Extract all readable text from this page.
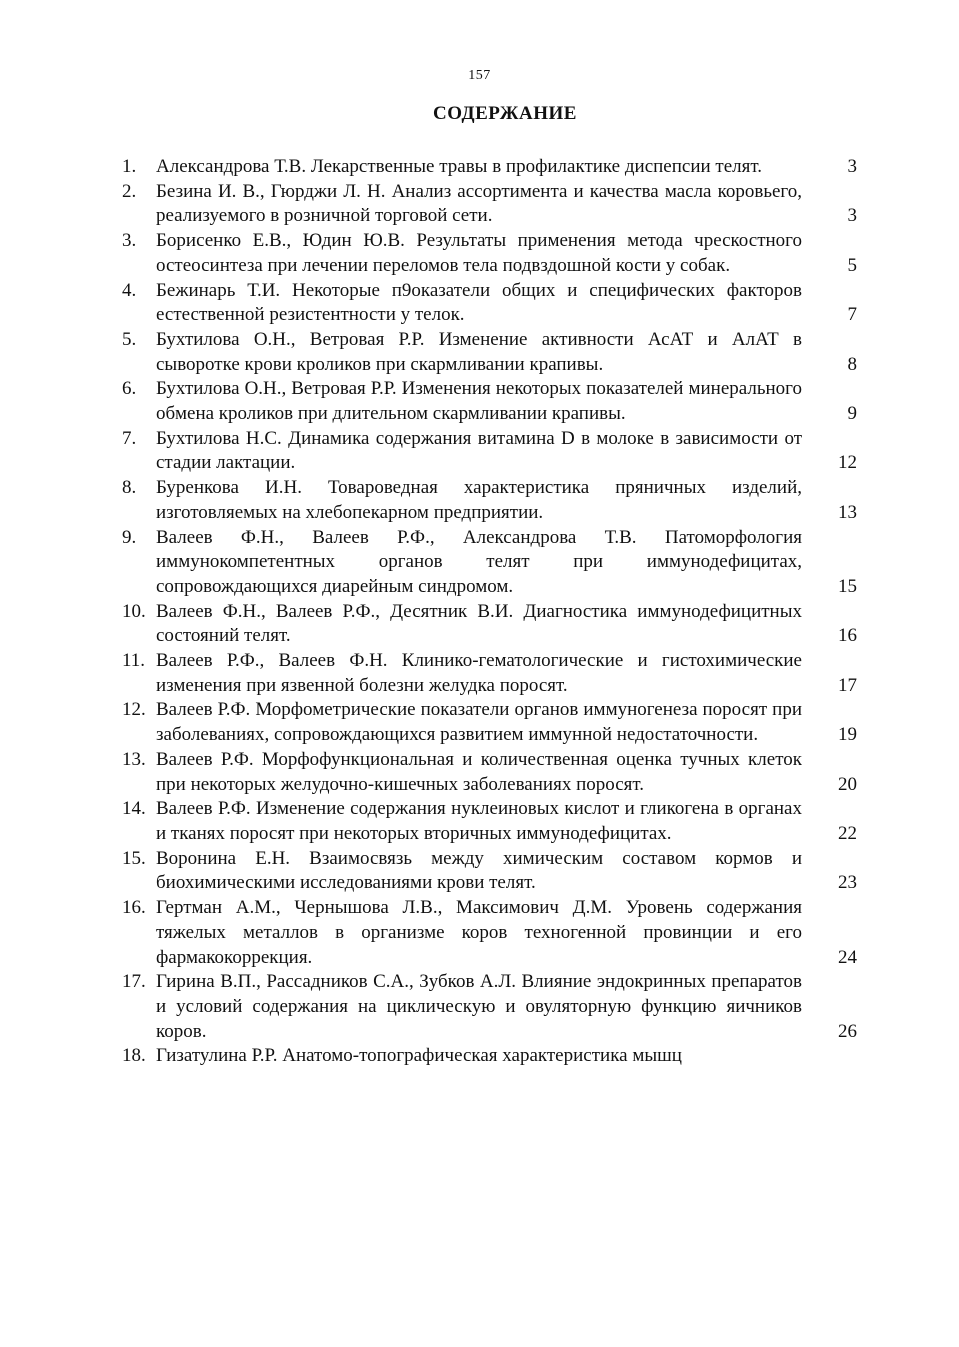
157
СОДЕРЖАНИЕ
1.	Александрова Т.В. Лекарственные травы в профилактике диспепсии телят.	3
2.	Безина И. В., Гюрджи Л. Н. Анализ ассортимента и качества масла коровьего, реализуемого в розничной торговой сети.	3
3.	Борисенко Е.В., Юдин Ю.В. Результаты применения метода чрескостного остеосинтеза при лечении переломов тела подвздошной кости у собак.	5
4.	Бежинарь Т.И. Некоторые п9оказатели общих и специфических факторов естественной резистентности у телок.	7
5.	Бухтилова О.Н., Ветровая Р.Р. Изменение активности АсАТ и АлАТ в сыворотке крови кроликов при скармливании крапивы.	8
6.	Бухтилова О.Н., Ветровая Р.Р. Изменения некоторых показателей минерального обмена кроликов при длительном скармливании крапивы.	9
7.	Бухтилова Н.С. Динамика содержания витамина D в молоке в зависимости от стадии лактации.	12
8.	Буренкова И.Н. Товароведная характеристика пряничных изделий, изготовляемых на хлебопекарном предприятии.	13
9.	Валеев Ф.Н., Валеев Р.Ф., Александрова Т.В. Патоморфология иммунокомпетентных органов телят при иммунодефицитах, сопровождающихся диарейным синдромом.	15
10. Валеев Ф.Н., Валеев Р.Ф., Десятник В.И. Диагностика иммунодефицитных состояний телят.	16
11. Валеев Р.Ф., Валеев Ф.Н. Клинико-гематологические и гистохимические изменения при язвенной болезни желудка поросят.	17
12. Валеев Р.Ф. Морфометрические показатели органов иммуногенеза поросят при заболеваниях, сопровождающихся развитием иммунной недостаточности.	19
13. Валеев Р.Ф. Морфофункциональная и количественная оценка тучных клеток при некоторых желудочно-кишечных заболеваниях поросят.	20
14. Валеев Р.Ф. Изменение содержания нуклеиновых кислот и гликогена в органах и тканях поросят при некоторых вторичных иммунодефицитах.	22
15. Воронина Е.Н. Взаимосвязь между химическим составом кормов и биохимическими исследованиями крови телят.	23
16. Гертман А.М., Чернышова Л.В., Максимович Д.М. Уровень содержания тяжелых металлов в организме коров техногенной провинции и его фармакокоррекция.	24
17. Гирина В.П., Рассадников С.А., Зубков А.Л. Влияние эндокринных препаратов и условий содержания на циклическую и овуляторную функцию яичников коров.	26
18. Гизатулина Р.Р. Анатомо-топографическая характеристика мышц
